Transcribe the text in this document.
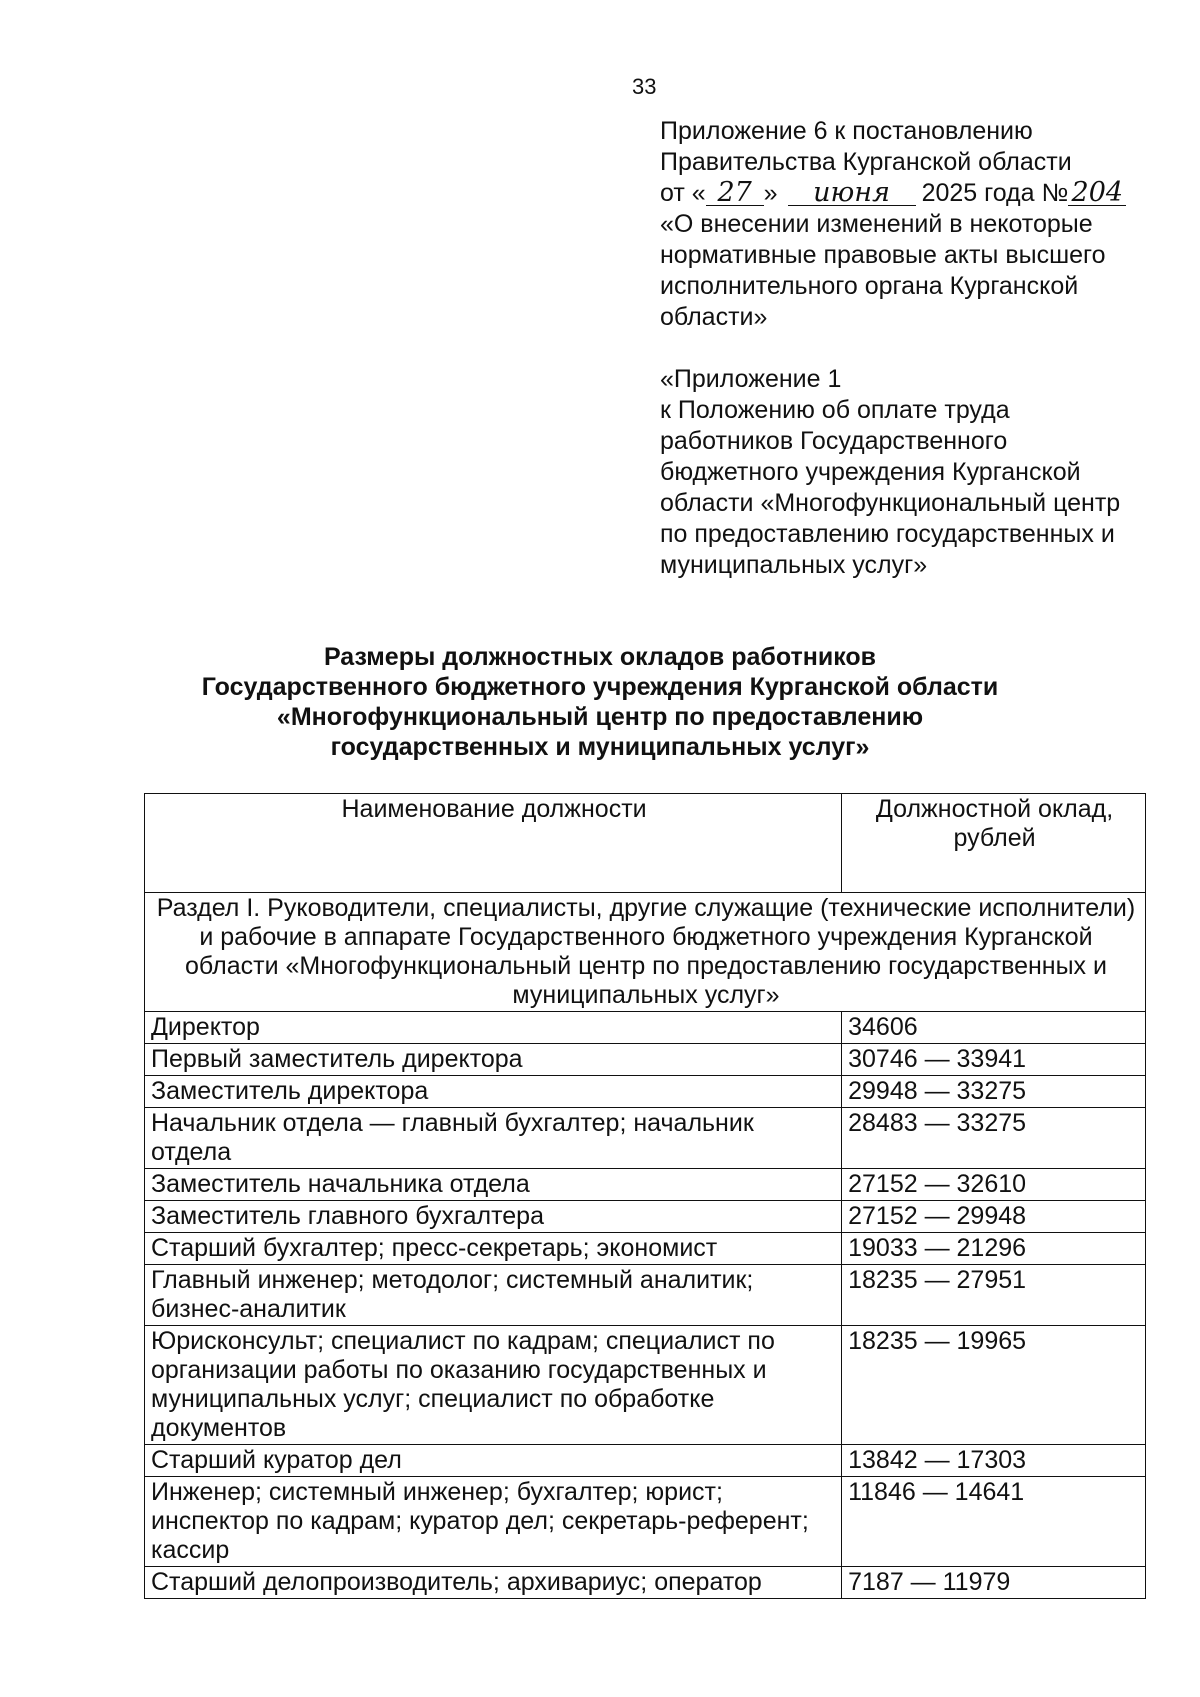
33
Приложение 6 к постановлению
Правительства Курганской области
от « 27 » июня 2025 года № 204
«О внесении изменений в некоторые
нормативные правовые акты высшего
исполнительного органа Курганской
области»
«Приложение 1
к Положению об оплате труда
работников Государственного
бюджетного учреждения Курганской
области «Многофункциональный центр
по предоставлению государственных и
муниципальных услуг»
Размеры должностных окладов работников
Государственного бюджетного учреждения Курганской области
«Многофункциональный центр по предоставлению
государственных и муниципальных услуг»
Наименование должности	Должностной оклад, рублей
Раздел I. Руководители, специалисты, другие служащие (технические исполнители) и рабочие в аппарате Государственного бюджетного учреждения Курганской области «Многофункциональный центр по предоставлению государственных и муниципальных услуг»	
Директор	34606
Первый заместитель директора	30746 — 33941
Заместитель директора	29948 — 33275
Начальник отдела — главный бухгалтер; начальник отдела	28483 — 33275
Заместитель начальника отдела	27152 — 32610
Заместитель главного бухгалтера	27152 — 29948
Старший бухгалтер; пресс-секретарь; экономист	19033 — 21296
Главный инженер; методолог; системный аналитик; бизнес-аналитик	18235 — 27951
Юрисконсульт; специалист по кадрам; специалист по организации работы по оказанию государственных и муниципальных услуг; специалист по обработке документов	18235 — 19965
Старший куратор дел	13842 — 17303
Инженер; системный инженер; бухгалтер; юрист; инспектор по кадрам; куратор дел; секретарь-референт; кассир	11846 — 14641
Старший делопроизводитель; архивариус; оператор	7187 — 11979
